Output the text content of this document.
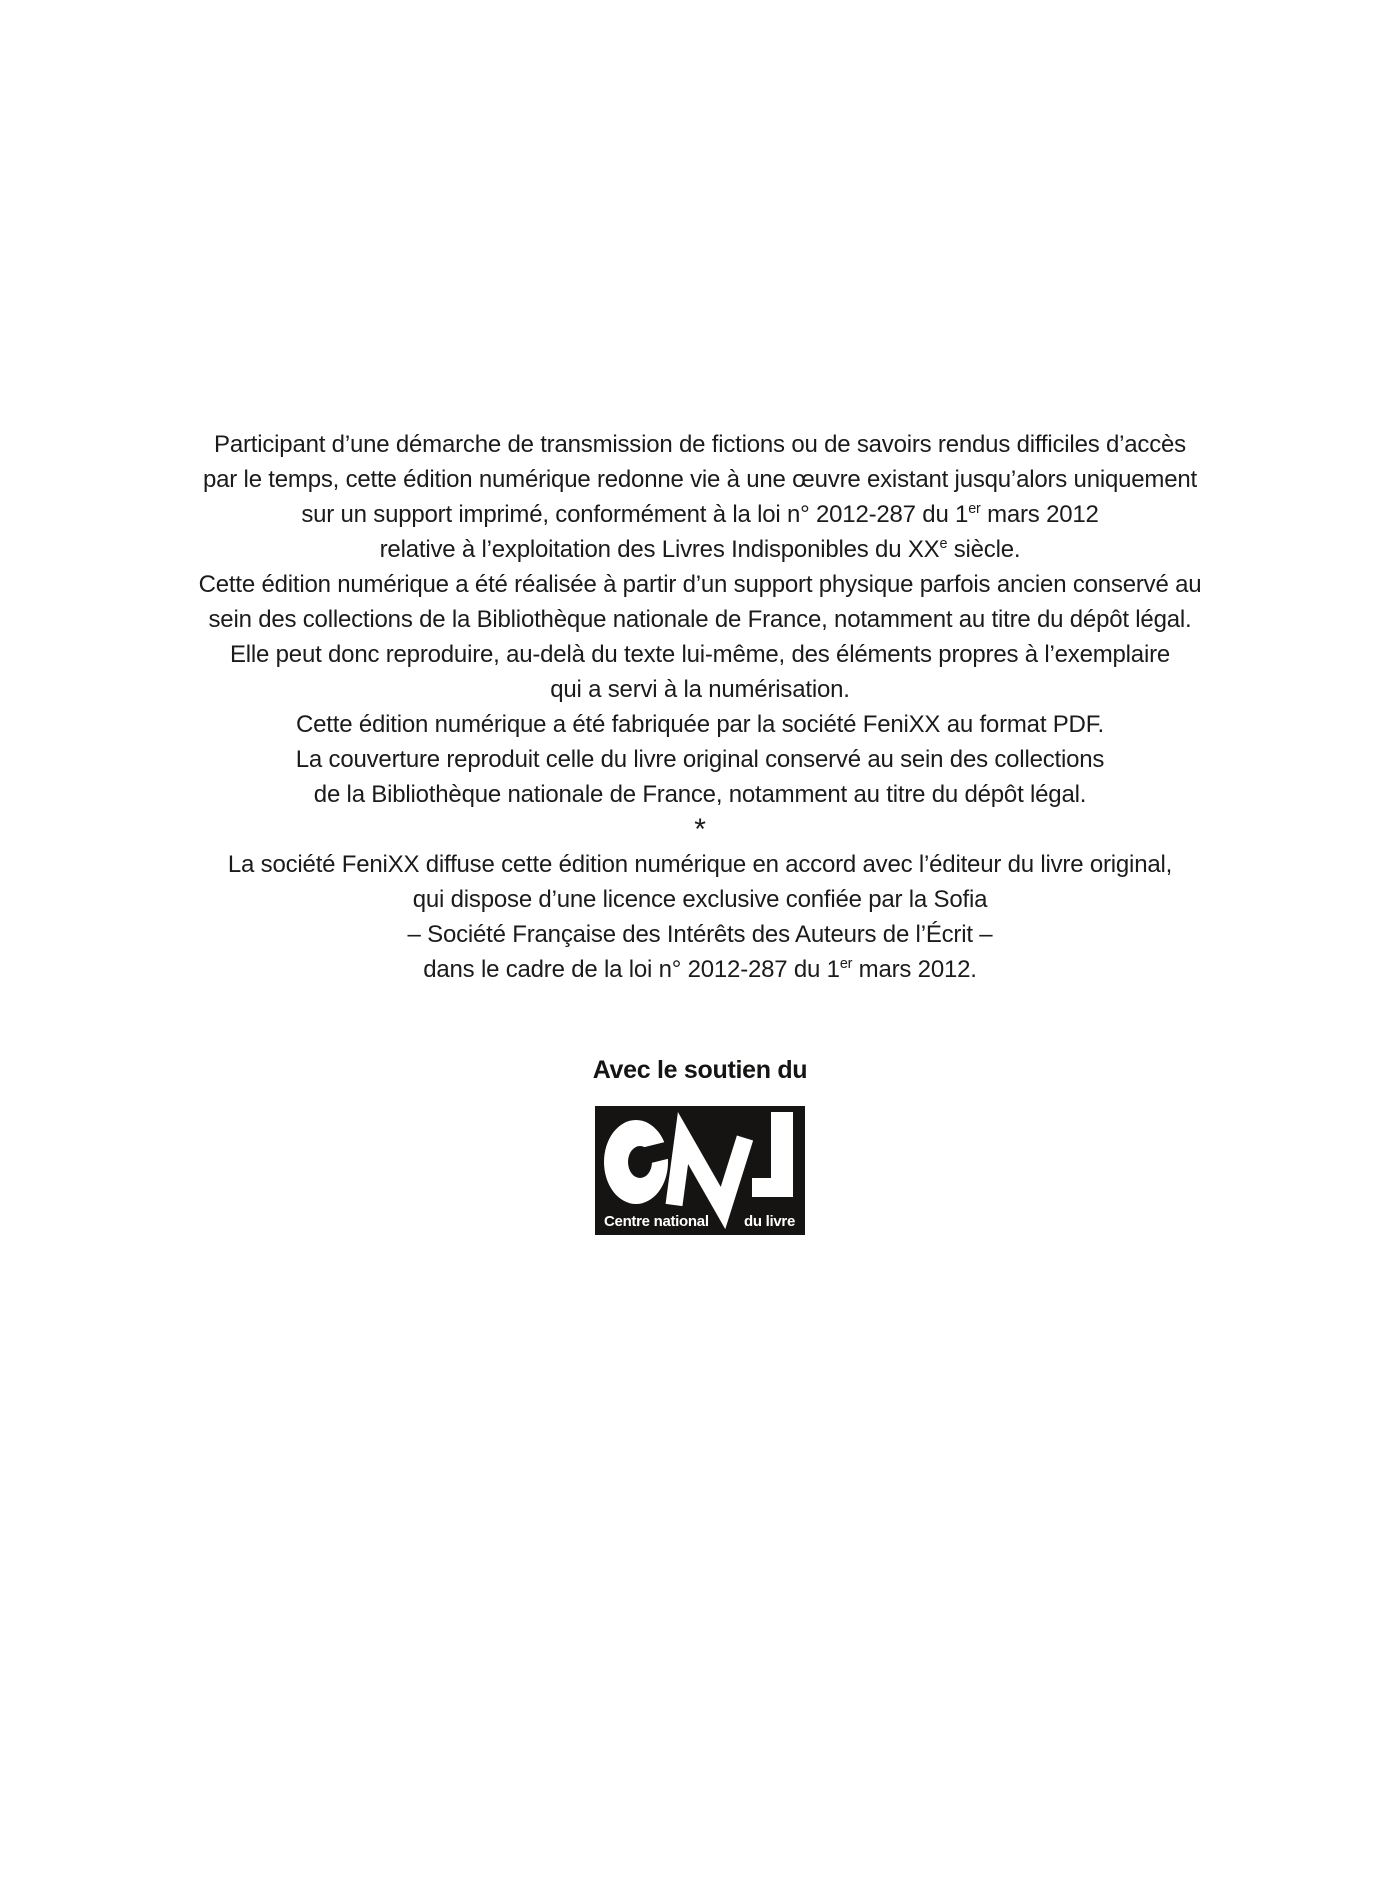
Participant d’une démarche de transmission de fictions ou de savoirs rendus difficiles d’accès
par le temps, cette édition numérique redonne vie à une œuvre existant jusqu’alors uniquement
sur un support imprimé, conformément à la loi n° 2012-287 du 1er mars 2012
relative à l’exploitation des Livres Indisponibles du XXe siècle.

Cette édition numérique a été réalisée à partir d’un support physique parfois ancien conservé au
sein des collections de la Bibliothèque nationale de France, notamment au titre du dépôt légal.
Elle peut donc reproduire, au-delà du texte lui-même, des éléments propres à l’exemplaire
qui a servi à la numérisation.

Cette édition numérique a été fabriquée par la société FeniXX au format PDF.

La couverture reproduit celle du livre original conservé au sein des collections
de la Bibliothèque nationale de France, notamment au titre du dépôt légal.

*

La société FeniXX diffuse cette édition numérique en accord avec l’éditeur du livre original,
qui dispose d’une licence exclusive confiée par la Sofia
– Société Française des Intérêts des Auteurs de l’Écrit –
dans le cadre de la loi n° 2012-287 du 1er mars 2012.

Avec le soutien du
Centre national du livre
